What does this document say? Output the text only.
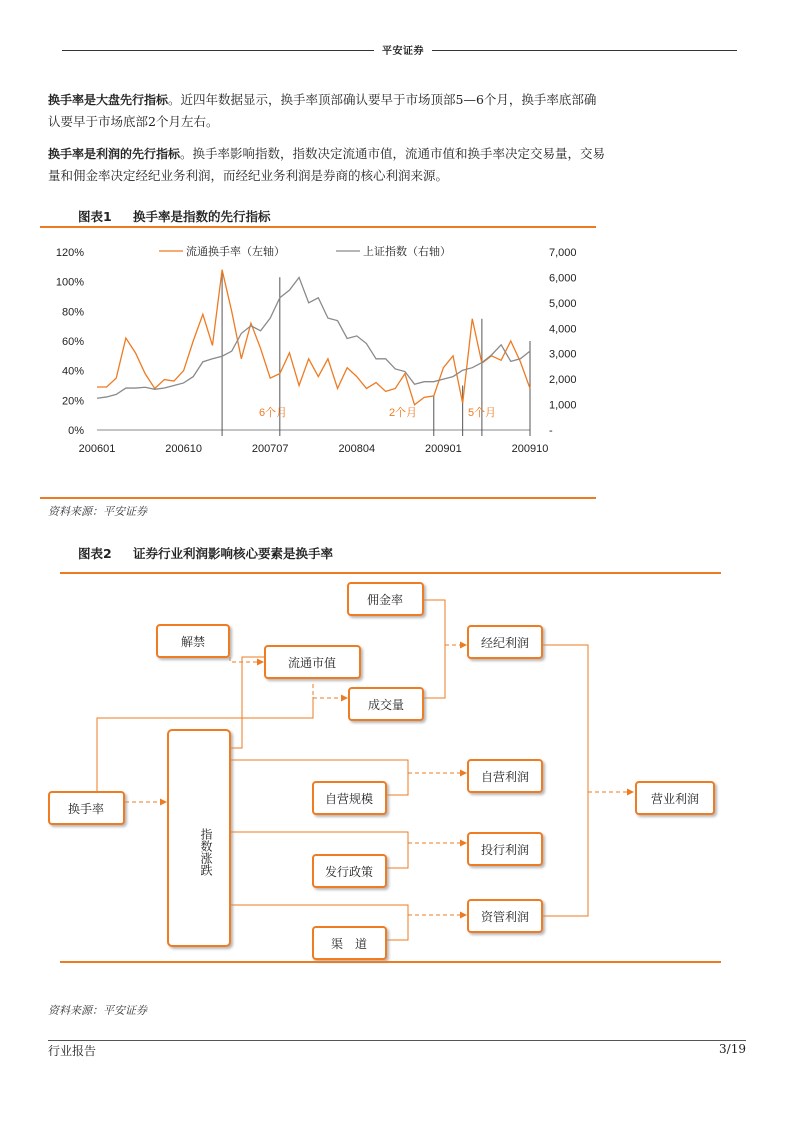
平安证券
换手率是大盘先行指标。近四年数据显示，换手率顶部确认要早于市场顶部5—6个月，换手率底部确认要早于市场底部2个月左右。
换手率是利润的先行指标。换手率影响指数，指数决定流通市值，流通市值和换手率决定交易量，交易量和佣金率决定经纪业务利润，而经纪业务利润是券商的核心利润来源。
图表1 换手率是指数的先行指标
0%
20%
40%
60%
80%
100%
120%
-
1,000
2,000
3,000
4,000
5,000
6,000
7,000
200601	200610	200707	200804	200901	200910
流通换手率（左轴）	上证指数（右轴）
6个月	2个月	5个月
资料来源：平安证券
图表2 证券行业利润影响核心要素是换手率
佣金率
解禁
流通市值
经纪利润
成交量
指数涨跌
换手率
自营规模
自营利润
发行政策
投行利润
渠　道
资管利润
营业利润
资料来源：平安证券
行业报告	3/19
